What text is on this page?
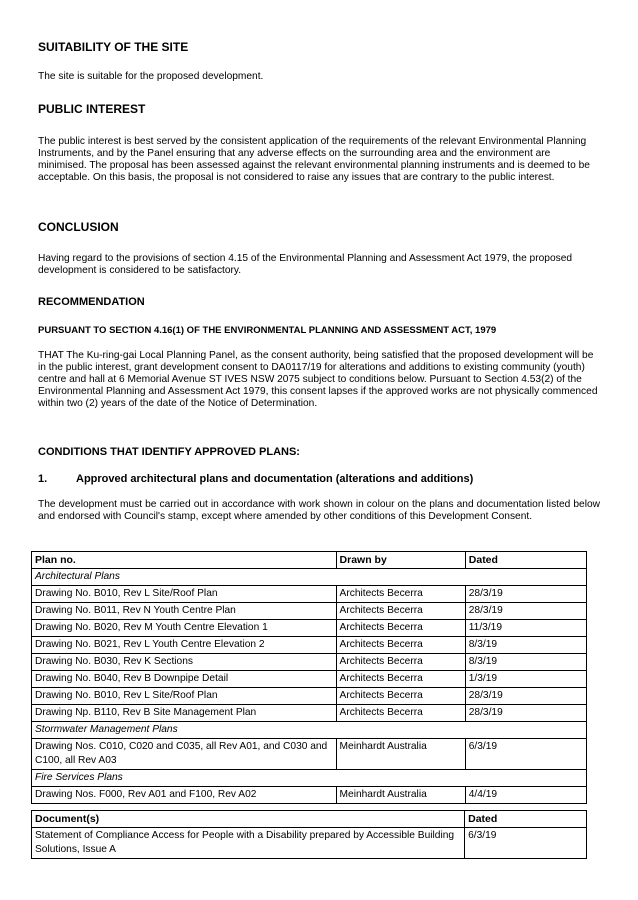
SUITABILITY OF THE SITE

The site is suitable for the proposed development.

PUBLIC INTEREST

The public interest is best served by the consistent application of the requirements of the relevant Environmental Planning Instruments, and by the Panel ensuring that any adverse effects on the surrounding area and the environment are minimised. The proposal has been assessed against the relevant environmental planning instruments and is deemed to be acceptable. On this basis, the proposal is not considered to raise any issues that are contrary to the public interest.

CONCLUSION

Having regard to the provisions of section 4.15 of the Environmental Planning and Assessment Act 1979, the proposed development is considered to be satisfactory.

RECOMMENDATION
PURSUANT TO SECTION 4.16(1) OF THE ENVIRONMENTAL PLANNING AND ASSESSMENT ACT, 1979

THAT The Ku-ring-gai Local Planning Panel, as the consent authority, being satisfied that the proposed development will be in the public interest, grant development consent to DA0117/19 for alterations and additions to existing community (youth) centre and hall at 6 Memorial Avenue ST IVES NSW 2075 subject to conditions below. Pursuant to Section 4.53(2) of the Environmental Planning and Assessment Act 1979, this consent lapses if the approved works are not physically commenced within two (2) years of the date of the Notice of Determination.

CONDITIONS THAT IDENTIFY APPROVED PLANS:
1.	Approved architectural plans and documentation (alterations and additions)

The development must be carried out in accordance with work shown in colour on the plans and documentation listed below and endorsed with Council's stamp, except where amended by other conditions of this Development Consent.

Plan no.	Drawn by	Dated
Architectural Plans		
Drawing No. B010, Rev L Site/Roof Plan	Architects Becerra	28/3/19
Drawing No. B011, Rev N Youth Centre Plan	Architects Becerra	28/3/19
Drawing No. B020, Rev M Youth Centre Elevation 1	Architects Becerra	11/3/19
Drawing No. B021, Rev L Youth Centre Elevation 2	Architects Becerra	8/3/19
Drawing No. B030, Rev K Sections	Architects Becerra	8/3/19
Drawing No. B040, Rev B Downpipe Detail	Architects Becerra	1/3/19
Drawing No. B010, Rev L Site/Roof Plan	Architects Becerra	28/3/19
Drawing Np. B110, Rev B Site Management Plan	Architects Becerra	28/3/19
Stormwater Management Plans		
Drawing Nos. C010, C020 and C035, all Rev A01, and C030 and C100, all Rev A03	Meinhardt Australia	6/3/19
Fire Services Plans		
Drawing Nos. F000, Rev A01 and F100, Rev A02	Meinhardt Australia	4/4/19
Document(s)	Dated
Statement of Compliance Access for People with a Disability prepared by Accessible Building Solutions, Issue A	6/3/19
